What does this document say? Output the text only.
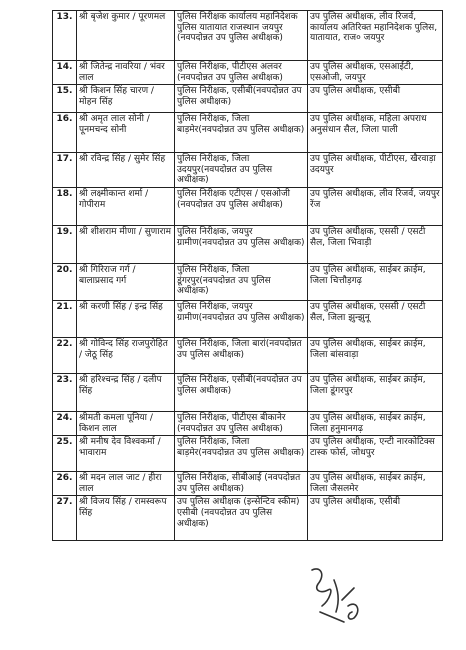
13.	श्री बृजेश कुमार / पूरणमल	पुलिस निरीक्षक कार्यालय महानिदेशक पुलिस यातायात राजस्थान जयपुर (नवपदोन्नत उप पुलिस अधीक्षक)	उप पुलिस अधीक्षक, लीव रिजर्व, कार्यालय अतिरिक्त महानिदेशक पुलिस, यातायात, राज० जयपुर
14.	श्री जितेन्द्र नावरिया / भंवर लाल	पुलिस निरीक्षक, पीटीएस अलवर (नवपदोन्नत उप पुलिस अधीक्षक)	उप पुलिस अधीक्षक, एसआईटी, एसओजी, जयपुर
15.	श्री किशन सिंह चारण / मोहन सिंह	पुलिस निरीक्षक, एसीबी(नवपदोन्नत उप पुलिस अधीक्षक)	उप पुलिस अधीक्षक, एसीबी
16.	श्री अमृत लाल सोनी / पूनमचन्द सोनी	पुलिस निरीक्षक, जिला बाड़मेर(नवपदोन्नत उप पुलिस अधीक्षक)	उप पुलिस अधीक्षक, महिला अपराध अनुसंधान सैल, जिला पाली
17.	श्री रविन्द्र सिंह / सुमेर सिंह	पुलिस निरीक्षक, जिला उदयपुर(नवपदोन्नत उप पुलिस अधीक्षक)	उप पुलिस अधीक्षक, पीटीएस, खैरवाड़ा उदयपुर
18.	श्री लक्ष्मीकान्त शर्मा / गोपीराम	पुलिस निरीक्षक एटीएस / एसओजी (नवपदोन्नत उप पुलिस अधीक्षक)	उप पुलिस अधीक्षक, लीव रिजर्व, जयपुर रेंज
19.	श्री शीशराम मीणा / सुणाराम	पुलिस निरीक्षक, जयपुर ग्रामीण(नवपदोन्नत उप पुलिस अधीक्षक)	उप पुलिस अधीक्षक, एससी / एसटी सैल, जिला भिवाड़ी
20.	श्री गिरिराज गर्ग / बालाप्रसाद गर्ग	पुलिस निरीक्षक, जिला डूंगरपुर(नवपदोन्नत उप पुलिस अधीक्षक)	उप पुलिस अधीक्षक, साईबर क्राईम, जिला चित्तौड़गढ़
21.	श्री करणी सिंह / इन्द्र सिंह	पुलिस निरीक्षक, जयपुर ग्रामीण(नवपदोन्नत उप पुलिस अधीक्षक)	उप पुलिस अधीक्षक, एससी / एसटी सैल, जिला झुन्झुनू
22.	श्री गोविन्द सिंह राजपुरोहित / जेठू सिंह	पुलिस निरीक्षक, जिला बारां(नवपदोन्नत उप पुलिस अधीक्षक)	उप पुलिस अधीक्षक, साईबर क्राईम, जिला बांसवाड़ा
23.	श्री हरिश्चन्द्र सिंह / दलीप सिंह	पुलिस निरीक्षक, एसीबी(नवपदोन्नत उप पुलिस अधीक्षक)	उप पुलिस अधीक्षक, साईबर क्राईम, जिला डूंगरपुर
24.	श्रीमती कमला पूनिया / किशन लाल	पुलिस निरीक्षक, पीटीएस बीकानेर (नवपदोन्नत उप पुलिस अधीक्षक)	उप पुलिस अधीक्षक, साईबर क्राईम, जिला हनुमानगढ़
25.	श्री मनीष देव विश्वकर्मा / भावाराम	पुलिस निरीक्षक, जिला बाड़मेर(नवपदोन्नत उप पुलिस अधीक्षक)	उप पुलिस अधीक्षक, एन्टी नारकोटिक्स टास्क फोर्स, जोधपुर
26.	श्री मदन लाल जाट / हीरा लाल	पुलिस निरीक्षक, सीबीआई (नवपदोन्नत उप पुलिस अधीक्षक)	उप पुलिस अधीक्षक, साईबर क्राईम, जिला जैसलमेर
27.	श्री विजय सिंह / रामस्वरूप सिंह	उप पुलिस अधीक्षक (इन्सेन्टिव स्कीम) एसीबी (नवपदोन्नत उप पुलिस अधीक्षक)	उप पुलिस अधीक्षक, एसीबी
